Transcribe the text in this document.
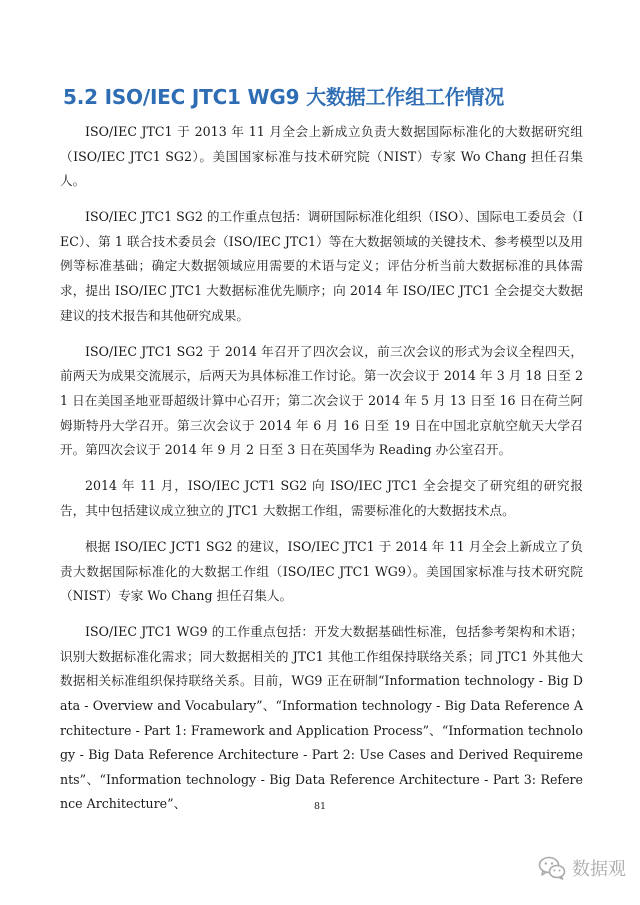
5.2 ISO/IEC JTC1 WG9 大数据工作组工作情况

ISO/IEC JTC1 于 2013 年 11 月全会上新成立负责大数据国际标准化的大数据研究组（ISO/IEC JTC1 SG2）。美国国家标准与技术研究院（NIST）专家 Wo Chang 担任召集人。

ISO/IEC JTC1 SG2 的工作重点包括：调研国际标准化组织（ISO）、国际电工委员会（IEC）、第 1 联合技术委员会（ISO/IEC JTC1）等在大数据领域的关键技术、参考模型以及用例等标准基础；确定大数据领域应用需要的术语与定义；评估分析当前大数据标准的具体需求，提出 ISO/IEC JTC1 大数据标准优先顺序；向 2014 年 ISO/IEC JTC1 全会提交大数据建议的技术报告和其他研究成果。

ISO/IEC JTC1 SG2 于 2014 年召开了四次会议，前三次会议的形式为会议全程四天，前两天为成果交流展示，后两天为具体标准工作讨论。第一次会议于 2014 年 3 月 18 日至 21 日在美国圣地亚哥超级计算中心召开；第二次会议于 2014 年 5 月 13 日至 16 日在荷兰阿姆斯特丹大学召开。第三次会议于 2014 年 6 月 16 日至 19 日在中国北京航空航天大学召开。第四次会议于 2014 年 9 月 2 日至 3 日在英国华为 Reading 办公室召开。

2014 年 11 月，ISO/IEC JCT1 SG2 向 ISO/IEC JTC1 全会提交了研究组的研究报告，其中包括建议成立独立的 JTC1 大数据工作组，需要标准化的大数据技术点。

根据 ISO/IEC JCT1 SG2 的建议，ISO/IEC JTC1 于 2014 年 11 月全会上新成立了负责大数据国际标准化的大数据工作组（ISO/IEC JTC1 WG9）。美国国家标准与技术研究院（NIST）专家 Wo Chang 担任召集人。

ISO/IEC JTC1 WG9 的工作重点包括：开发大数据基础性标准，包括参考架构和术语；识别大数据标准化需求；同大数据相关的 JTC1 其他工作组保持联络关系；同 JTC1 外其他大数据相关标准组织保持联络关系。目前，WG9 正在研制“Information technology - Big Data - Overview and Vocabulary”、“Information technology - Big Data Reference Architecture - Part 1: Framework and Application Process”、“Information technology - Big Data Reference Architecture - Part 2: Use Cases and Derived Requirements”、“Information technology - Big Data Reference Architecture - Part 3: Reference Architecture”、	81
数据观
